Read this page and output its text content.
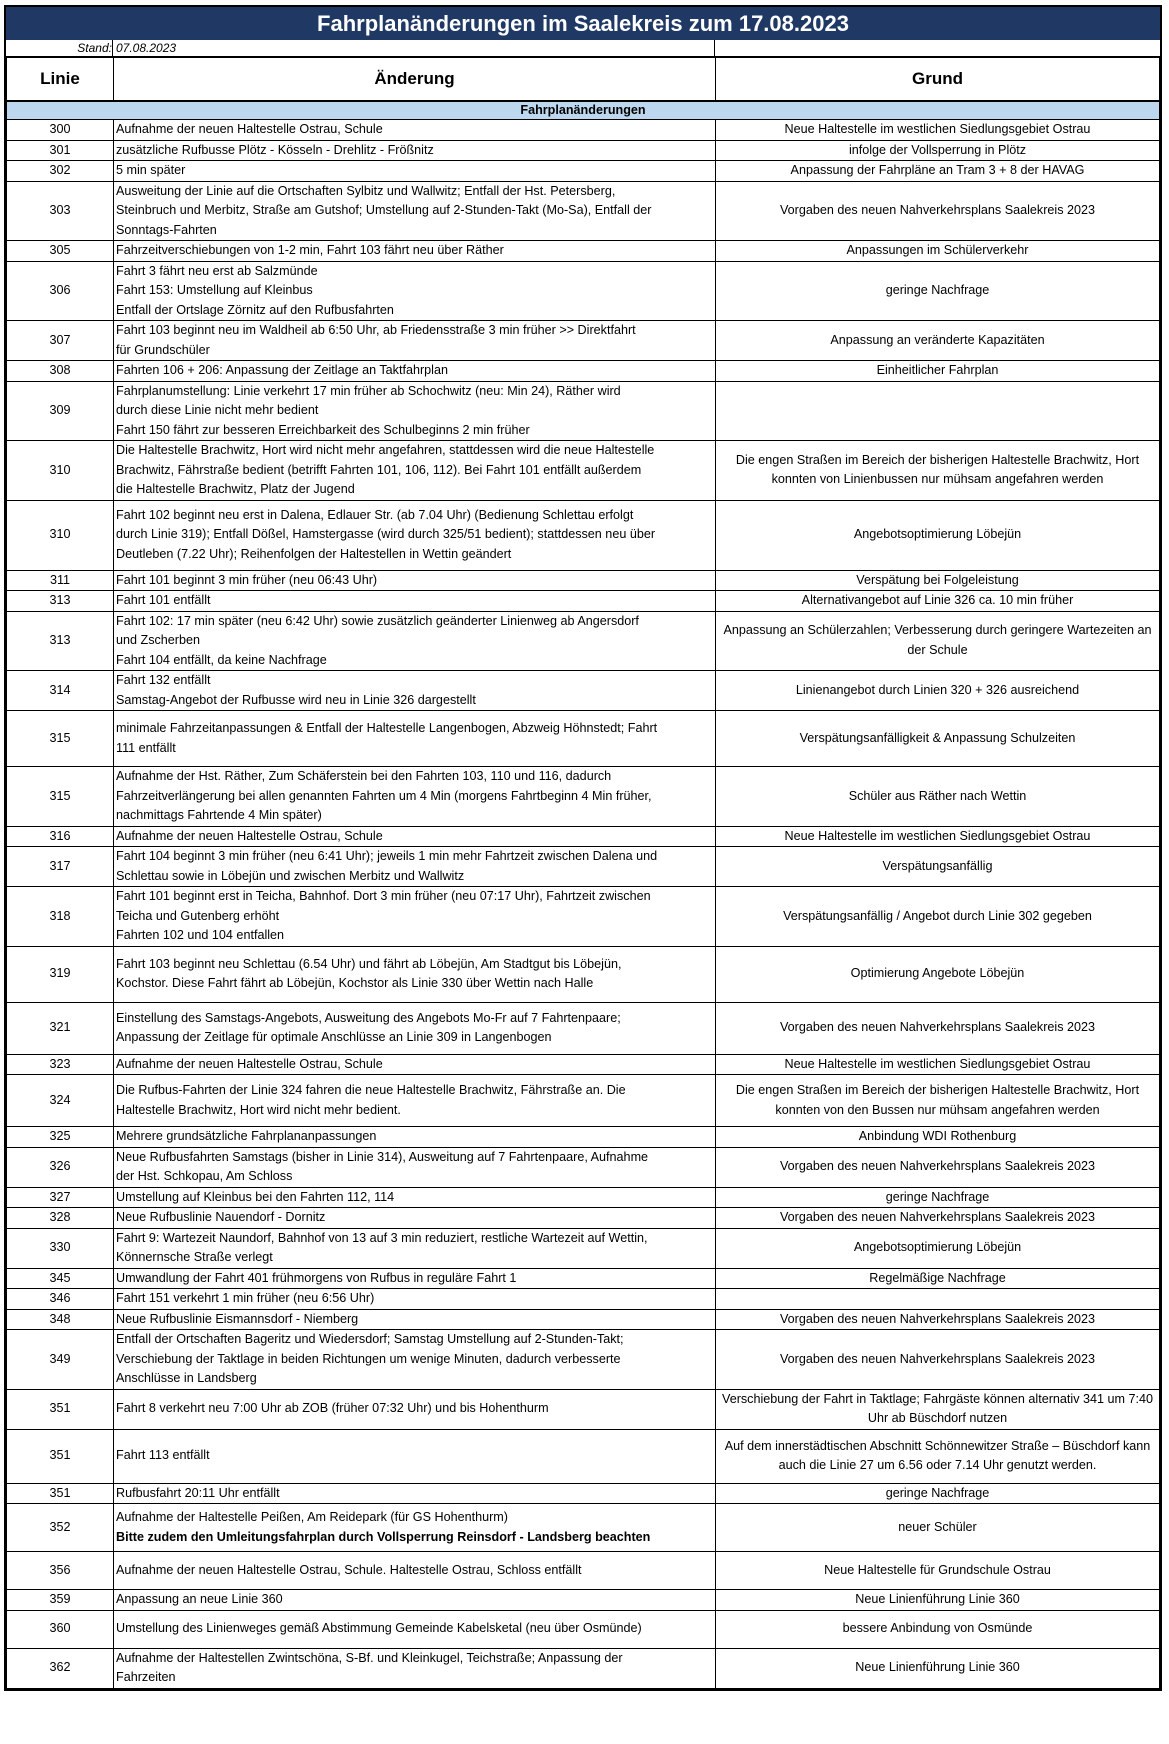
Fahrplanänderungen im Saalekreis zum 17.08.2023
Stand: 07.08.2023
Linie	Änderung	Grund
Fahrplanänderungen		
300	Aufnahme der neuen Haltestelle Ostrau, Schule	Neue Haltestelle im westlichen Siedlungsgebiet Ostrau
301	zusätzliche Rufbusse Plötz - Kösseln - Drehlitz - Frößnitz	infolge der Vollsperrung in Plötz
302	5 min später	Anpassung der Fahrpläne an Tram 3 + 8 der HAVAG
303	Ausweitung der Linie auf die Ortschaften Sylbitz und Wallwitz; Entfall der Hst. Petersberg,
Steinbruch und Merbitz, Straße am Gutshof; Umstellung auf 2-Stunden-Takt (Mo-Sa), Entfall der
Sonntags-Fahrten	Vorgaben des neuen Nahverkehrsplans Saalekreis 2023
305	Fahrzeitverschiebungen von 1-2 min, Fahrt 103 fährt neu über Räther	Anpassungen im Schülerverkehr
306	Fahrt 3 fährt neu erst ab Salzmünde
Fahrt 153: Umstellung auf Kleinbus
Entfall der Ortslage Zörnitz auf den Rufbusfahrten	geringe Nachfrage
307	Fahrt 103 beginnt neu im Waldheil ab 6:50 Uhr, ab Friedensstraße 3 min früher >> Direktfahrt
für Grundschüler	Anpassung an veränderte Kapazitäten
308	Fahrten 106 + 206: Anpassung der Zeitlage an Taktfahrplan	Einheitlicher Fahrplan
309	Fahrplanumstellung: Linie verkehrt 17 min früher ab Schochwitz (neu: Min 24), Räther wird
durch diese Linie nicht mehr bedient
Fahrt 150 fährt zur besseren Erreichbarkeit des Schulbeginns 2 min früher	

310	Die Haltestelle Brachwitz, Hort wird nicht mehr angefahren, stattdessen wird die neue Haltestelle
Brachwitz, Fährstraße bedient (betrifft Fahrten 101, 106, 112). Bei Fahrt 101 entfällt außerdem
die Haltestelle Brachwitz, Platz der Jugend	Die engen Straßen im Bereich der bisherigen Haltestelle Brachwitz, Hort konnten von Linienbussen nur mühsam angefahren werden
310	Fahrt 102 beginnt neu erst in Dalena, Edlauer Str. (ab 7.04 Uhr) (Bedienung Schlettau erfolgt
durch Linie 319); Entfall Dößel, Hamstergasse (wird durch 325/51 bedient); stattdessen neu über
Deutleben (7.22 Uhr); Reihenfolgen der Haltestellen in Wettin geändert	Angebotsoptimierung Löbejün
311	Fahrt 101 beginnt 3 min früher (neu 06:43 Uhr)	Verspätung bei Folgeleistung
313	Fahrt 101 entfällt	Alternativangebot auf Linie 326 ca. 10 min früher
313	Fahrt 102: 17 min später (neu 6:42 Uhr) sowie zusätzlich geänderter Linienweg ab Angersdorf
und Zscherben
Fahrt 104 entfällt, da keine Nachfrage	Anpassung an Schülerzahlen; Verbesserung durch geringere Wartezeiten an der Schule
314	Fahrt 132 entfällt
Samstag-Angebot der Rufbusse wird neu in Linie 326 dargestellt	Linienangebot durch Linien 320 + 326 ausreichend
315	minimale Fahrzeitanpassungen & Entfall der Haltestelle Langenbogen, Abzweig Höhnstedt; Fahrt
111 entfällt	Verspätungsanfälligkeit & Anpassung Schulzeiten
315	Aufnahme der Hst. Räther, Zum Schäferstein bei den Fahrten 103, 110 und 116, dadurch
Fahrzeitverlängerung bei allen genannten Fahrten um 4 Min (morgens Fahrtbeginn 4 Min früher,
nachmittags Fahrtende 4 Min später)	Schüler aus Räther nach Wettin
316	Aufnahme der neuen Haltestelle Ostrau, Schule	Neue Haltestelle im westlichen Siedlungsgebiet Ostrau
317	Fahrt 104 beginnt 3 min früher (neu 6:41 Uhr); jeweils 1 min mehr Fahrtzeit zwischen Dalena und
Schlettau sowie in Löbejün und zwischen Merbitz und Wallwitz	Verspätungsanfällig
318	Fahrt 101 beginnt erst in Teicha, Bahnhof. Dort 3 min früher (neu 07:17 Uhr), Fahrtzeit zwischen
Teicha und Gutenberg erhöht
Fahrten 102 und 104 entfallen	Verspätungsanfällig / Angebot durch Linie 302 gegeben
319	Fahrt 103 beginnt neu Schlettau (6.54 Uhr) und fährt ab Löbejün, Am Stadtgut bis Löbejün,
Kochstor. Diese Fahrt fährt ab Löbejün, Kochstor als Linie 330 über Wettin nach Halle	Optimierung Angebote Löbejün
321	Einstellung des Samstags-Angebots, Ausweitung des Angebots Mo-Fr auf 7 Fahrtenpaare;
Anpassung der Zeitlage für optimale Anschlüsse an Linie 309 in Langenbogen	Vorgaben des neuen Nahverkehrsplans Saalekreis 2023
323	Aufnahme der neuen Haltestelle Ostrau, Schule	Neue Haltestelle im westlichen Siedlungsgebiet Ostrau
324	Die Rufbus-Fahrten der Linie 324 fahren die neue Haltestelle Brachwitz, Fährstraße an. Die
Haltestelle Brachwitz, Hort wird nicht mehr bedient.	Die engen Straßen im Bereich der bisherigen Haltestelle Brachwitz, Hort konnten von den Bussen nur mühsam angefahren werden
325	Mehrere grundsätzliche Fahrplananpassungen	Anbindung WDI Rothenburg
326	Neue Rufbusfahrten Samstags (bisher in Linie 314), Ausweitung auf 7 Fahrtenpaare, Aufnahme
der Hst. Schkopau, Am Schloss	Vorgaben des neuen Nahverkehrsplans Saalekreis 2023
327	Umstellung auf Kleinbus bei den Fahrten 112, 114	geringe Nachfrage
328	Neue Rufbuslinie Nauendorf - Dornitz	Vorgaben des neuen Nahverkehrsplans Saalekreis 2023
330	Fahrt 9: Wartezeit Naundorf, Bahnhof von 13 auf 3 min reduziert, restliche Wartezeit auf Wettin,
Könnernsche Straße verlegt	Angebotsoptimierung Löbejün
345	Umwandlung der Fahrt 401 frühmorgens von Rufbus in reguläre Fahrt 1	Regelmäßige Nachfrage
346	Fahrt 151 verkehrt 1 min früher (neu 6:56 Uhr)	

348	Neue Rufbuslinie Eismannsdorf - Niemberg	Vorgaben des neuen Nahverkehrsplans Saalekreis 2023
349	Entfall der Ortschaften Bageritz und Wiedersdorf; Samstag Umstellung auf 2-Stunden-Takt;
Verschiebung der Taktlage in beiden Richtungen um wenige Minuten, dadurch verbesserte
Anschlüsse in Landsberg	Vorgaben des neuen Nahverkehrsplans Saalekreis 2023
351	Fahrt 8 verkehrt neu 7:00 Uhr ab ZOB (früher 07:32 Uhr) und bis Hohenthurm	Verschiebung der Fahrt in Taktlage; Fahrgäste können alternativ 341 um 7:40 Uhr ab Büschdorf nutzen
351	Fahrt 113 entfällt	Auf dem innerstädtischen Abschnitt Schönnewitzer Straße – Büschdorf kann auch die Linie 27 um 6.56 oder 7.14 Uhr genutzt werden.
351	Rufbusfahrt 20:11 Uhr entfällt	geringe Nachfrage
352	Aufnahme der Haltestelle Peißen, Am Reidepark (für GS Hohenthurm)
Bitte zudem den Umleitungsfahrplan durch Vollsperrung Reinsdorf - Landsberg beachten	neuer Schüler
356	Aufnahme der neuen Haltestelle Ostrau, Schule. Haltestelle Ostrau, Schloss entfällt	Neue Haltestelle für Grundschule Ostrau
359	Anpassung an neue Linie 360	Neue Linienführung Linie 360
360	Umstellung des Linienweges gemäß Abstimmung Gemeinde Kabelsketal (neu über Osmünde)	bessere Anbindung von Osmünde
362	Aufnahme der Haltestellen Zwintschöna, S-Bf. und Kleinkugel, Teichstraße; Anpassung der
Fahrzeiten	Neue Linienführung Linie 360
